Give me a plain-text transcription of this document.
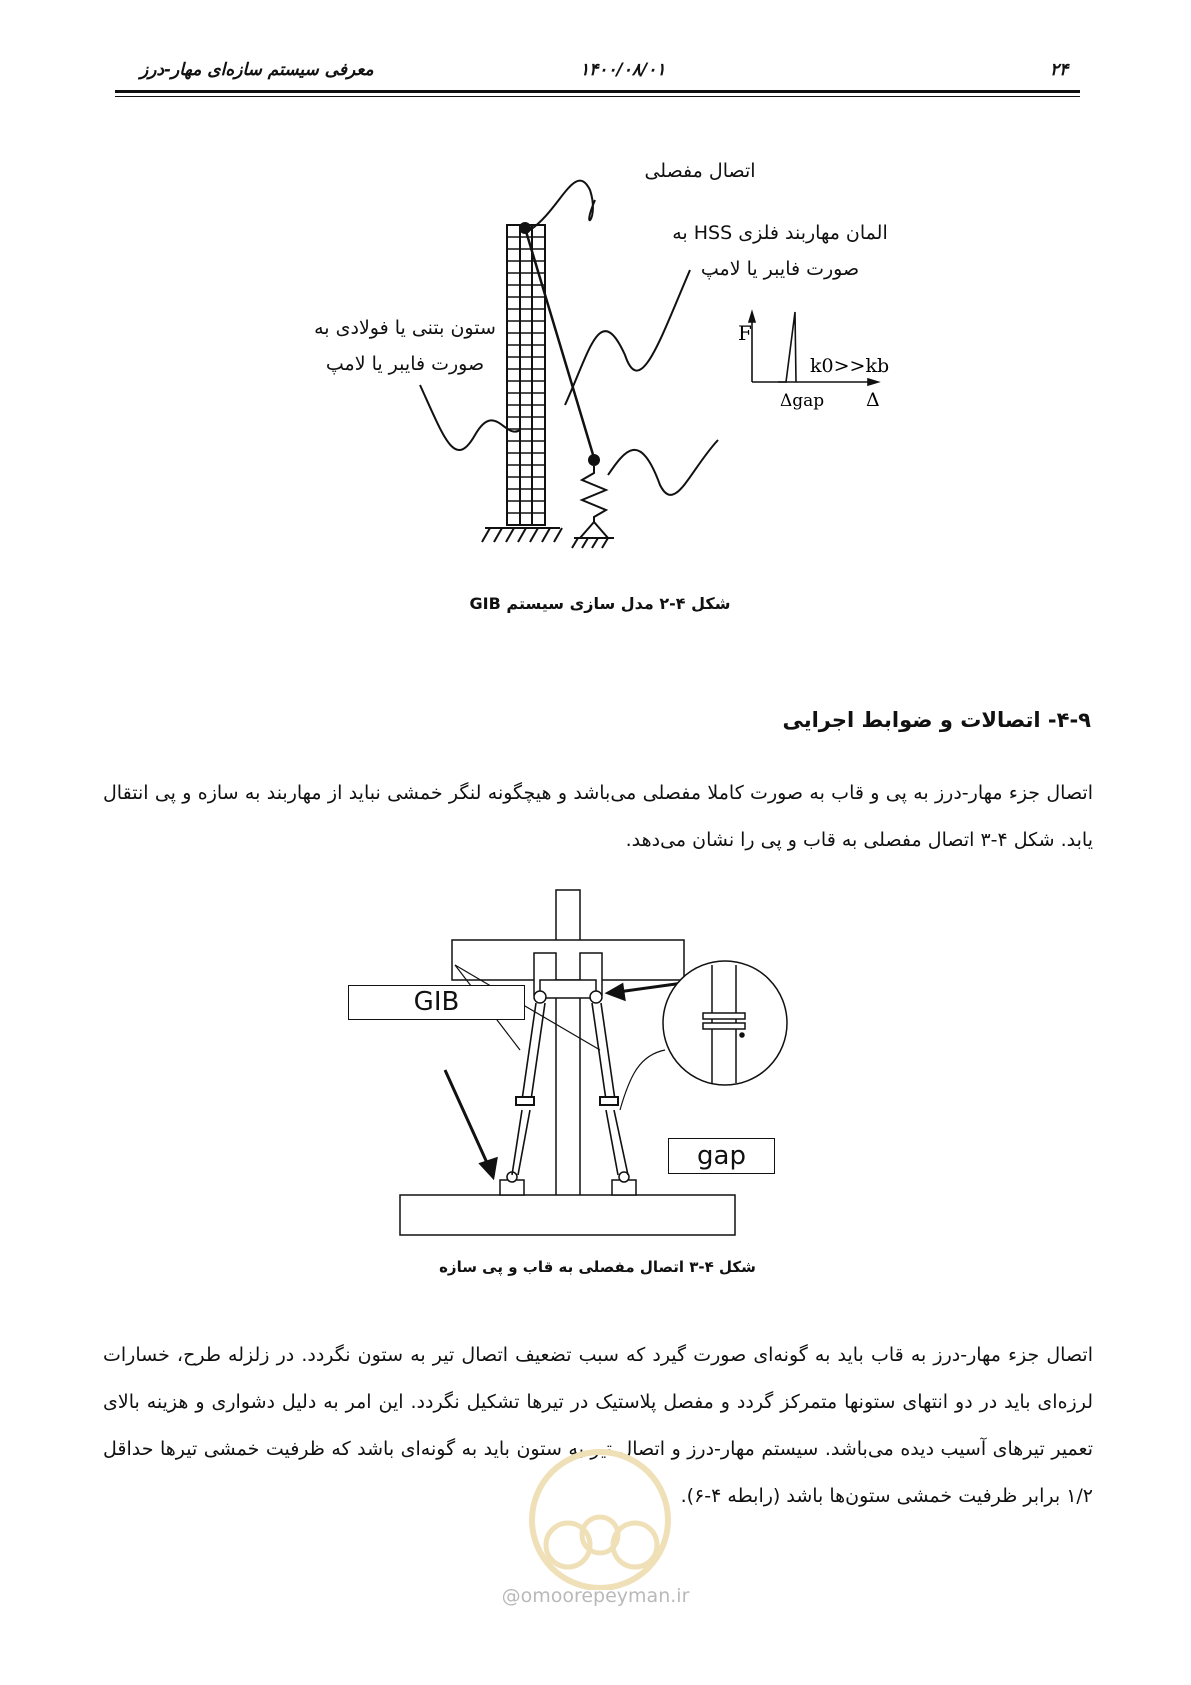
معرفی سیستم سازه‌ای مهار-درز	۱۴۰۰/۰۸/۰۱	۲۴
F
k0>>kb
Δgap Δ
اتصال مفصلی
المان مهاربند فلزی HSS به
صورت فایبر یا لامپ
ستون بتنی یا فولادی به
صورت فایبر یا لامپ
شکل ۴-۲ مدل سازی سیستم GIB
۴-۹- اتصالات و ضوابط اجرایی
اتصال جزء مهار-درز به پی و قاب به صورت کاملا مفصلی می‌باشد و هیچگونه لنگر خمشی نباید از مهاربند به سازه و پی انتقال یابد. شکل ۴-۳ اتصال مفصلی به قاب و پی را نشان می‌دهد.
GIB
gap
شکل ۴-۳ اتصال مفصلی به قاب و پی سازه
اتصال جزء مهار-درز به قاب باید به گونه‌ای صورت گیرد که سبب تضعیف اتصال تیر به ستون نگردد. در زلزله طرح، خسارات لرزه‌ای باید در دو انتهای ستونها متمرکز گردد و مفصل پلاستیک در تیرها تشکیل نگردد. این امر به دلیل دشواری و هزینه بالای تعمیر تیرهای آسیب دیده می‌باشد. سیستم مهار-درز و اتصال تیر به ستون باید به گونه‌ای باشد که ظرفیت خمشی تیرها حداقل ۱/۲ برابر ظرفیت خمشی ستون‌ها باشد (رابطه ۴-۶).
@omoorepeyman.ir
